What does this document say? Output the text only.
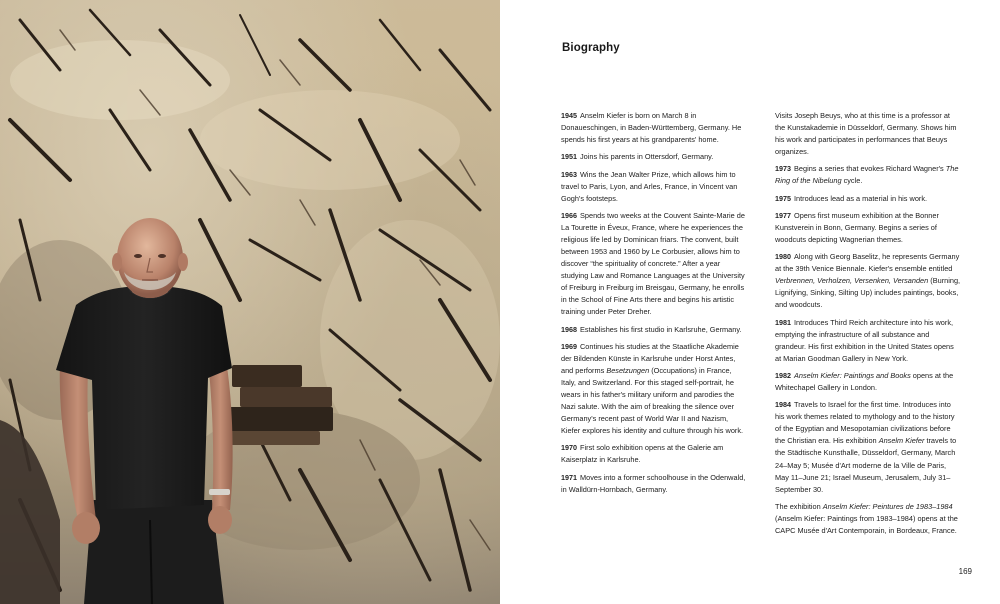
Biography

1945 Anselm Kiefer is born on March 8 in Donaueschingen, in Baden-Württemberg, Germany. He spends his first years at his grandparents' home.

1951 Joins his parents in Ottersdorf, Germany.

1963 Wins the Jean Walter Prize, which allows him to travel to Paris, Lyon, and Arles, France, in Vincent van Gogh's footsteps.

1966 Spends two weeks at the Couvent Sainte-Marie de La Tourette in Éveux, France, where he experiences the religious life led by Dominican friars. The convent, built between 1953 and 1960 by Le Corbusier, allows him to discover “the spirituality of concrete.” After a year studying Law and Romance Languages at the University of Freiburg in Freiburg im Breisgau, Germany, he enrolls in the School of Fine Arts there and begins his artistic training under Peter Dreher.

1968 Establishes his first studio in Karlsruhe, Germany.

1969 Continues his studies at the Staatliche Akademie der Bildenden Künste in Karlsruhe under Horst Antes, and performs Besetzungen (Occupations) in France, Italy, and Switzerland. For this staged self-portrait, he wears in his father's military uniform and parodies the Nazi salute. With the aim of breaking the silence over Germany's recent past of World War II and Nazism, Kiefer explores his identity and culture through his work.

1970 First solo exhibition opens at the Galerie am Kaiserplatz in Karlsruhe.

1971 Moves into a former schoolhouse in the Odenwald, in Walldürn-Hornbach, Germany.

Visits Joseph Beuys, who at this time is a professor at the Kunstakademie in Düsseldorf, Germany. Shows him his work and participates in performances that Beuys organizes.

1973 Begins a series that evokes Richard Wagner's The Ring of the Nibelung cycle.

1975 Introduces lead as a material in his work.

1977 Opens first museum exhibition at the Bonner Kunstverein in Bonn, Germany. Begins a series of woodcuts depicting Wagnerian themes.

1980 Along with Georg Baselitz, he represents Germany at the 39th Venice Biennale. Kiefer's ensemble entitled Verbrennen, Verholzen, Versenken, Versanden (Burning, Lignifying, Sinking, Silting Up) includes paintings, books, and woodcuts.

1981 Introduces Third Reich architecture into his work, emptying the infrastructure of all substance and grandeur. His first exhibition in the United States opens at Marian Goodman Gallery in New York.

1982 Anselm Kiefer: Paintings and Books opens at the Whitechapel Gallery in London.

1984 Travels to Israel for the first time. Introduces into his work themes related to mythology and to the history of the Egyptian and Mesopotamian civilizations before the Christian era. His exhibition Anselm Kiefer travels to the Städtische Kunsthalle, Düsseldorf, Germany, March 24–May 5; Musée d'Art moderne de la Ville de Paris, May 11–June 21; Israel Museum, Jerusalem, July 31–September 30.

The exhibition Anselm Kiefer: Peintures de 1983–1984 (Anselm Kiefer: Paintings from 1983–1984) opens at the CAPC Musée d'Art Contemporain, in Bordeaux, France.

169
